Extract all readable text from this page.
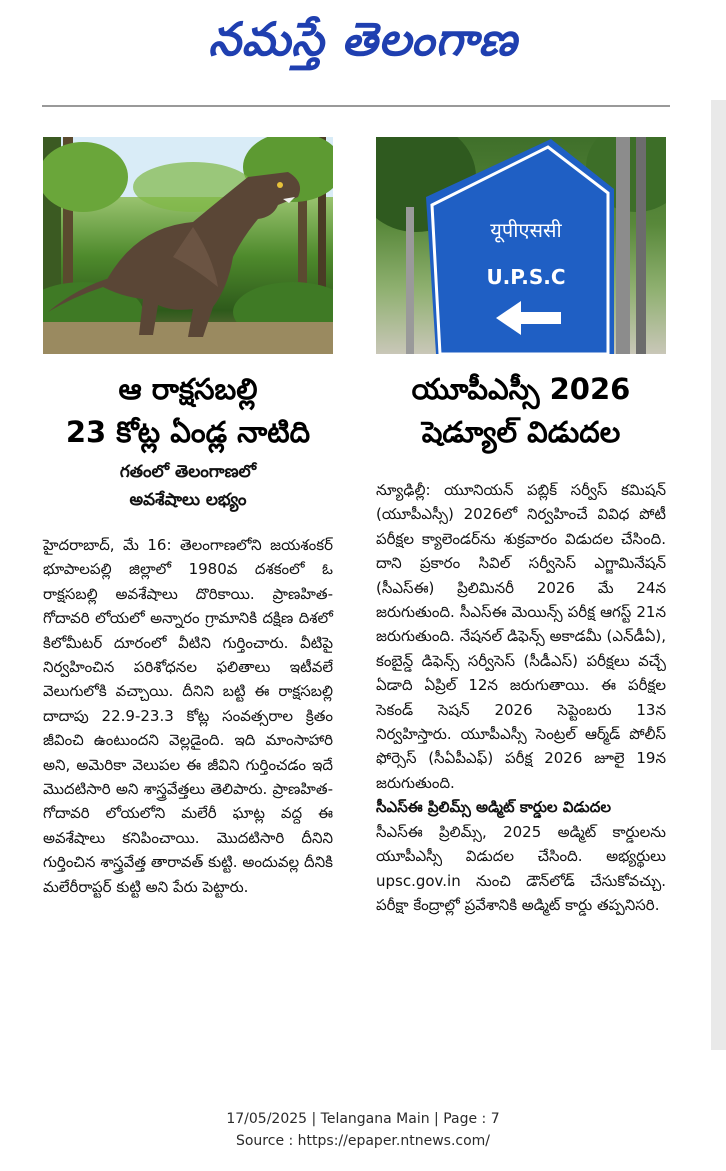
నమస్తే తెలంగాణ
यूपीएससी
U.P.S.C
ఆ రాక్షసబల్లి
23 కోట్ల ఏండ్ల నాటిది
గతంలో తెలంగాణలో
అవశేషాలు లభ్యం
యూపీఎస్సీ 2026
షెడ్యూల్ విడుదల

హైదరాబాద్, మే 16: తెలంగాణలోని జయశంకర్ భూపాలపల్లి జిల్లాలో 1980వ దశకంలో ఓ రాక్షసబల్లి అవశేషాలు దొరికాయి. ప్రాణహిత-గోదావరి లోయలో అన్నారం గ్రామానికి దక్షిణ దిశలో కిలోమీటర్ దూరంలో వీటిని గుర్తించారు. వీటిపై నిర్వహించిన పరిశోధనల ఫలితాలు ఇటీవలే వెలుగులోకి వచ్చాయి. దీనిని బట్టి ఈ రాక్షసబల్లి దాదాపు 22.9-23.3 కోట్ల సంవత్సరాల క్రితం జీవించి ఉంటుందని వెల్లడైంది. ఇది మాంసాహారి అని, అమెరికా వెలుపల ఈ జీవిని గుర్తించడం ఇదే మొదటిసారి అని శాస్త్రవేత్తలు తెలిపారు. ప్రాణహిత-గోదావరి లోయలోని మలేరీ ఘాట్ల వద్ద ఈ అవశేషాలు కనిపించాయి. మొదటిసారి దీనిని గుర్తించిన శాస్త్రవేత్త తారావత్ కుట్టి. అందువల్ల దీనికి మలేరీరాప్టర్ కుట్టి అని పేరు పెట్టారు.

న్యూఢిల్లీ: యూనియన్ పబ్లిక్ సర్వీస్ కమిషన్ (యూపీఎస్సీ) 2026లో నిర్వహించే వివిధ పోటీ పరీక్షల క్యాలెండర్‌ను శుక్రవారం విడుదల చేసింది. దాని ప్రకారం సివిల్ సర్వీసెస్ ఎగ్జామినేషన్ (సీఎస్‌ఈ) ప్రిలిమినరీ 2026 మే 24న జరుగుతుంది. సీఎస్‌ఈ మెయిన్స్ పరీక్ష ఆగస్ట్ 21న జరుగుతుంది. నేషనల్ డిఫెన్స్ అకాడమీ (ఎన్‌డీఏ), కంబైన్డ్ డిఫెన్స్ సర్వీసెస్ (సీడీఎస్) పరీక్షలు వచ్చే ఏడాది ఏప్రిల్ 12న జరుగుతాయి. ఈ పరీక్షల సెకండ్ సెషన్ 2026 సెప్టెంబరు 13న నిర్వహిస్తారు. యూపీఎస్సీ సెంట్రల్ ఆర్మ్‌డ్ పోలీస్ ఫోర్సెస్ (సీఏపీఎఫ్) పరీక్ష 2026 జూలై 19న జరుగుతుంది.

సీఎస్‌ఈ ప్రిలిమ్స్ అడ్మిట్ కార్డుల విడుదల

సీఎస్‌ఈ ప్రిలిమ్స్, 2025 అడ్మిట్ కార్డులను యూపీఎస్సీ విడుదల చేసింది. అభ్యర్థులు upsc.gov.in నుంచి డౌన్‌లోడ్ చేసుకోవచ్చు. పరీక్షా కేంద్రాల్లో ప్రవేశానికి అడ్మిట్ కార్డు తప్పనిసరి.

17/05/2025 | Telangana Main | Page : 7
Source : https://epaper.ntnews.com/
